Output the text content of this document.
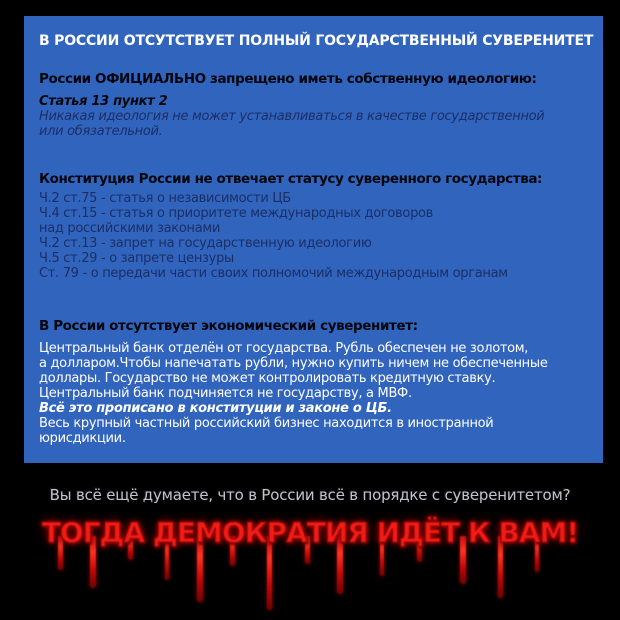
В РОССИИ ОТСУТСТВУЕТ ПОЛНЫЙ ГОСУДАРСТВЕННЫЙ СУВЕРЕНИТЕТ
России ОФИЦИАЛЬНО запрещено иметь собственную идеологию:
Статья 13 пункт 2
Никакая идеология не может устанавливаться в качестве государственной
или обязательной.
Конституция России не отвечает статусу суверенного государства:
Ч.2 ст.75 - статья о независимости ЦБ
Ч.4 ст.15 - статья о приоритете международных договоров
над российскими законами
Ч.2 ст.13 - запрет на государственную идеологию
Ч.5 ст.29 - о запрете цензуры
Ст. 79 - о передачи части своих полномочий международным органам
В России отсутствует экономический суверенитет:
Центральный банк отделён от государства. Рубль обеспечен не золотом,
а долларом.Чтобы напечатать рубли, нужно купить ничем не обеспеченные
доллары. Государство не может контролировать кредитную ставку.
Центральный банк подчиняется не государству, а МВФ.
Всё это прописано в конституции и законе о ЦБ.
Весь крупный частный российский бизнес находится в иностранной
юрисдикции.
Вы всё ещё думаете, что в России всё в порядке с суверенитетом?
ТОГДА ДЕМОКРАТИЯ ИДЁТ К ВАМ!
